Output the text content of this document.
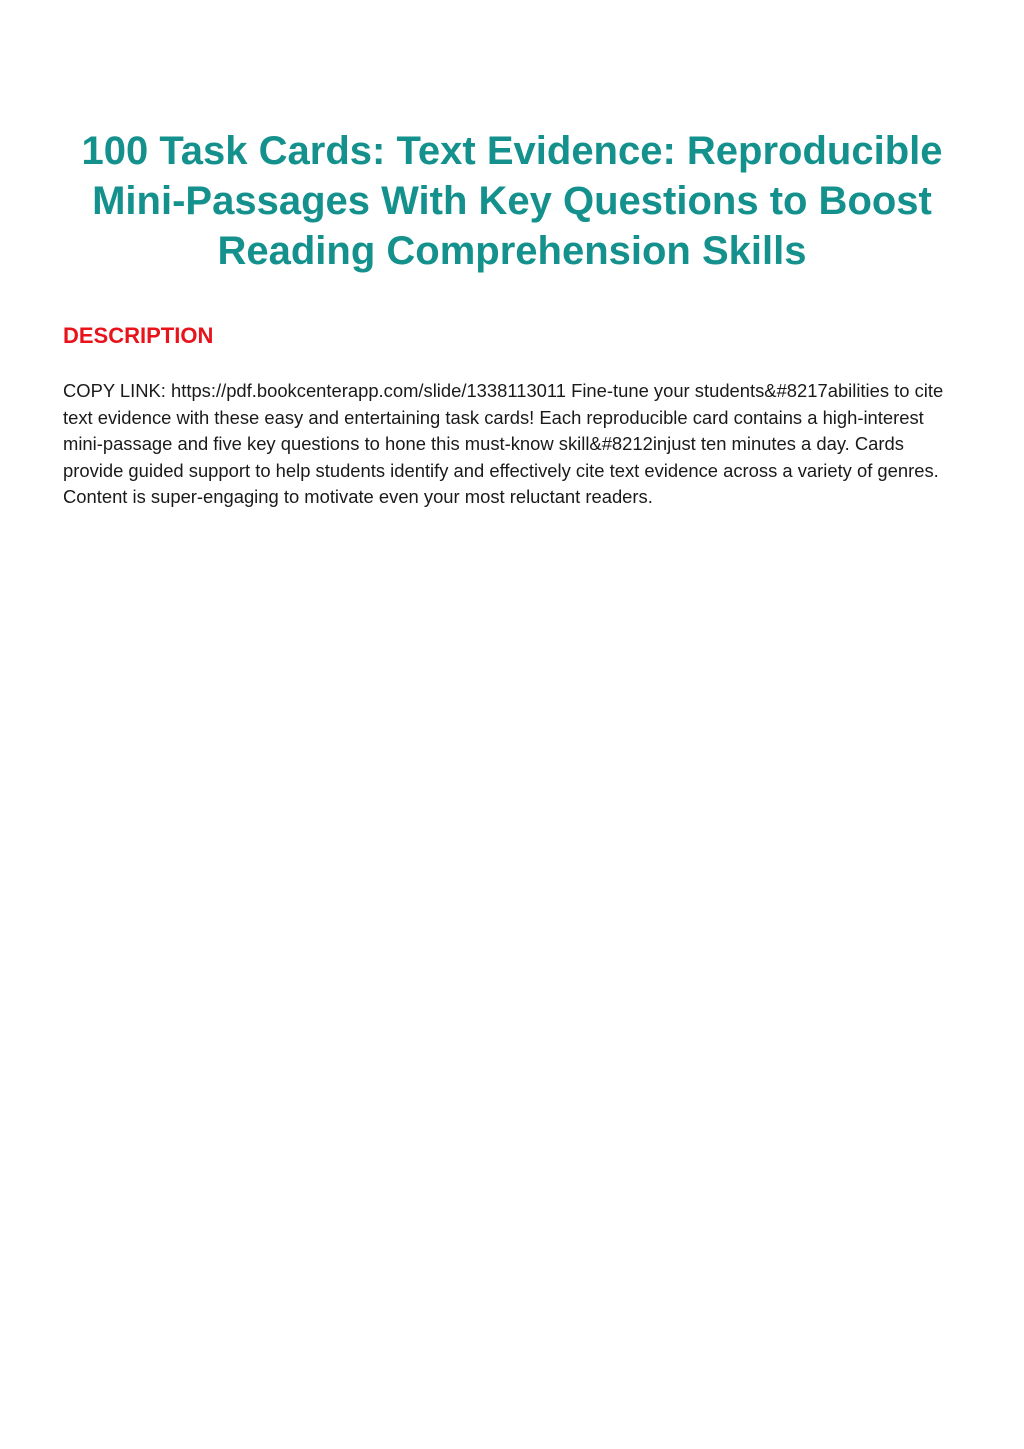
100 Task Cards: Text Evidence: Reproducible Mini-Passages With Key Questions to Boost Reading Comprehension Skills
DESCRIPTION

COPY LINK: https://pdf.bookcenterapp.com/slide/1338113011 Fine-tune your students&#8217abilities to cite text evidence with these easy and entertaining task cards! Each reproducible card contains a high-interest mini-passage and five key questions to hone this must-know skill&#8212injust ten minutes a day. Cards provide guided support to help students identify and effectively cite text evidence across a variety of genres. Content is super-engaging to motivate even your most reluctant readers.
